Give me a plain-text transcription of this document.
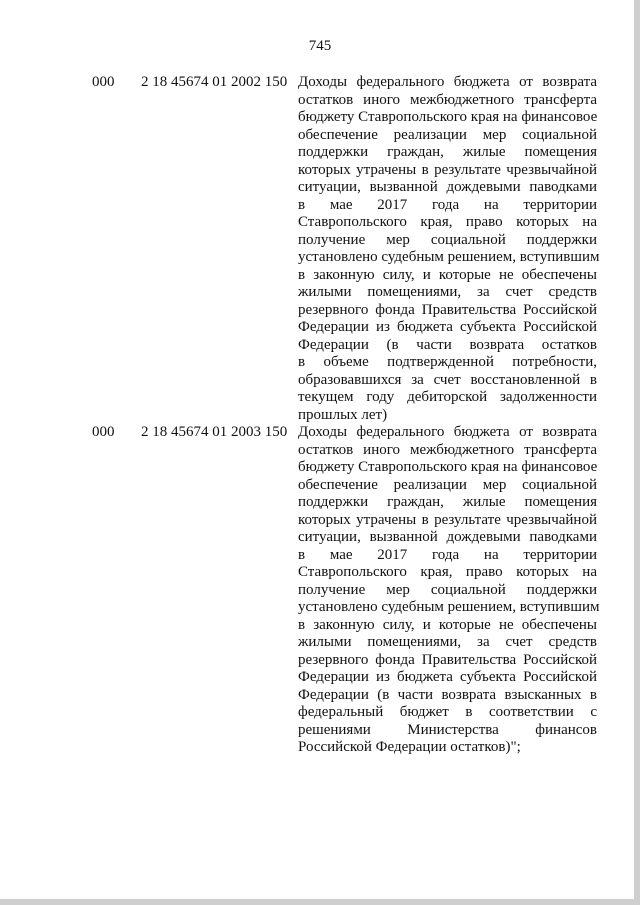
745
000 2 18 45674 01 2002 150 Доходы федерального бюджета от возврата
остатков иного межбюджетного трансферта
бюджету Ставропольского края на финансовое
обеспечение реализации мер социальной
поддержки граждан, жилые помещения
которых утрачены в результате чрезвычайной
ситуации, вызванной дождевыми паводками
в мае 2017 года на территории
Ставропольского края, право которых на
получение мер социальной поддержки
установлено судебным решением, вступившим
в законную силу, и которые не обеспечены
жилыми помещениями, за счет средств
резервного фонда Правительства Российской
Федерации из бюджета субъекта Российской
Федерации (в части возврата остатков
в объеме подтвержденной потребности,
образовавшихся за счет восстановленной в
текущем году дебиторской задолженности
прошлых лет)
000 2 18 45674 01 2003 150 Доходы федерального бюджета от возврата
остатков иного межбюджетного трансферта
бюджету Ставропольского края на финансовое
обеспечение реализации мер социальной
поддержки граждан, жилые помещения
которых утрачены в результате чрезвычайной
ситуации, вызванной дождевыми паводками
в мае 2017 года на территории
Ставропольского края, право которых на
получение мер социальной поддержки
установлено судебным решением, вступившим
в законную силу, и которые не обеспечены
жилыми помещениями, за счет средств
резервного фонда Правительства Российской
Федерации из бюджета субъекта Российской
Федерации (в части возврата взысканных в
федеральный бюджет в соответствии с
решениями Министерства финансов
Российской Федерации остатков)";
